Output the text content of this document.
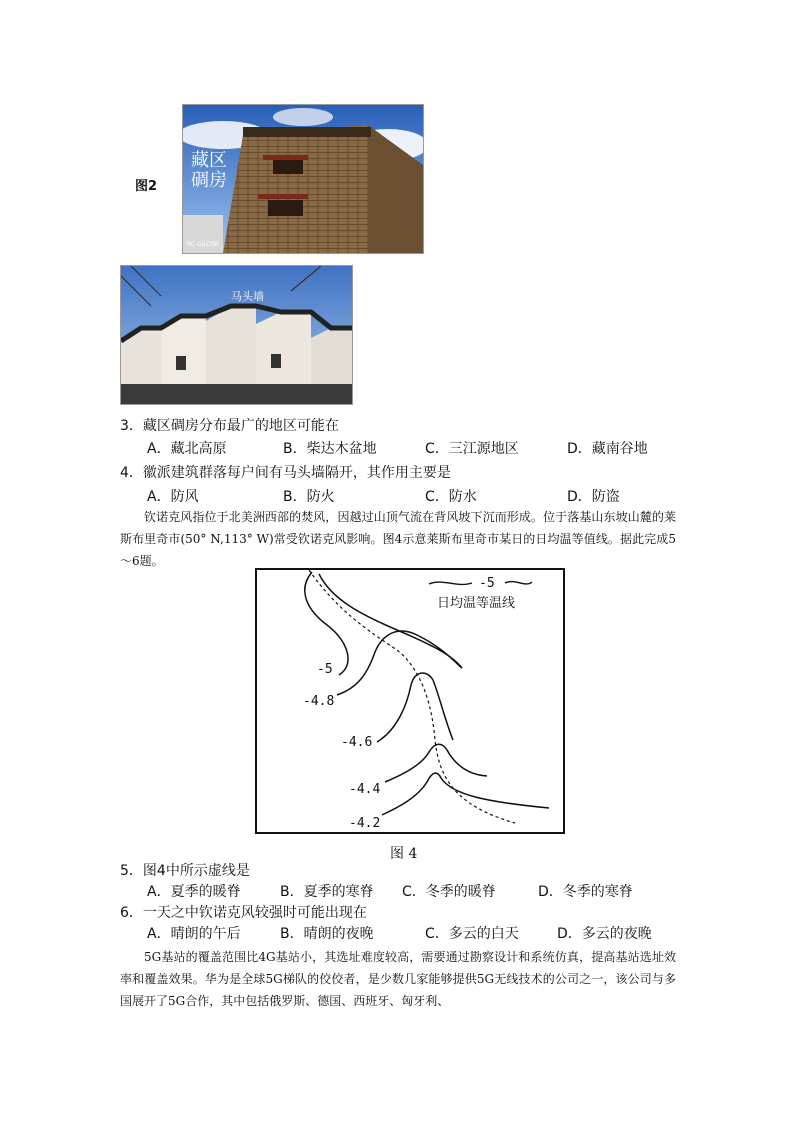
图2
藏区
碉房
RC GILOSE
马头墙
3．藏区碉房分布最广的地区可能在
A．藏北高原	B．柴达木盆地	C．三江源地区	D．藏南谷地
4．徽派建筑群落每户间有马头墙隔开，其作用主要是
A．防风	B．防火	C．防水	D．防盗
钦诺克风指位于北美洲西部的焚风，因越过山顶气流在背风坡下沉而形成。位于落基山东坡山麓的莱斯布里奇市(50° N,113° W)常受钦诺克风影响。图4示意莱斯布里奇市某日的日均温等值线。据此完成5～6题。
-5
日均温等温线
-5
-4.8
-4.6
-4.4
-4.2
图 4
5．图4中所示虚线是
A．夏季的暖脊	B．夏季的寒脊 C．冬季的暖脊	D．冬季的寒脊
6．一天之中钦诺克风较强时可能出现在
A．晴朗的午后	B．晴朗的夜晚	C．多云的白天	D．多云的夜晚
5G基站的覆盖范围比4G基站小，其选址难度较高，需要通过勘察设计和系统仿真，提高基站选址效率和覆盖效果。华为是全球5G梯队的佼佼者，是少数几家能够提供5G无线技术的公司之一，该公司与多国展开了5G合作，其中包括俄罗斯、德国、西班牙、匈牙利、
